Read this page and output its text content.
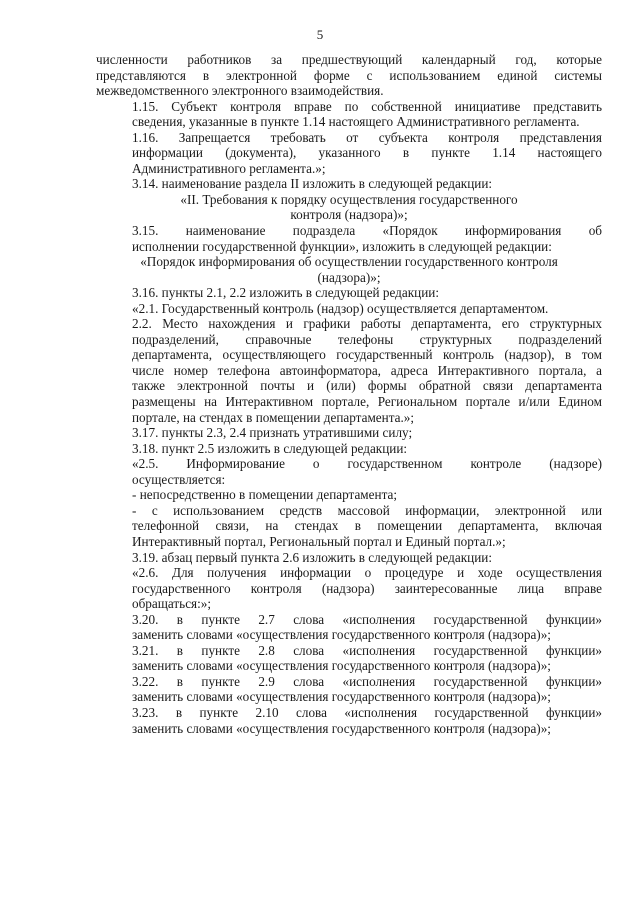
5

численности работников за предшествующий календарный год, которые
представляются в электронной форме с использованием единой системы
межведомственного электронного взаимодействия.

1.15. Субъект контроля вправе по собственной инициативе представить
сведения, указанные в пункте 1.14 настоящего Административного регламента.

1.16. Запрещается требовать от субъекта контроля представления
информации (документа), указанного в пункте 1.14 настоящего
Административного регламента.»;

3.14. наименование раздела II изложить в следующей редакции:

«II. Требования к порядку осуществления государственного
контроля (надзора)»;

3.15. наименование подраздела «Порядок информирования об
исполнении государственной функции», изложить в следующей редакции:

«Порядок информирования об осуществлении государственного контроля
(надзора)»;

3.16. пункты 2.1, 2.2 изложить в следующей редакции:

«2.1. Государственный контроль (надзор) осуществляется департаментом.

2.2. Место нахождения и графики работы департамента, его структурных
подразделений, справочные телефоны структурных подразделений
департамента, осуществляющего государственный контроль (надзор), в том
числе номер телефона автоинформатора, адреса Интерактивного портала, а
также электронной почты и (или) формы обратной связи департамента
размещены на Интерактивном портале, Региональном портале и/или Едином
портале, на стендах в помещении департамента.»;

3.17. пункты 2.3, 2.4 признать утратившими силу;

3.18. пункт 2.5 изложить в следующей редакции:

«2.5. Информирование о государственном контроле (надзоре)
осуществляется:

- непосредственно в помещении департамента;

- с использованием средств массовой информации, электронной или
телефонной связи, на стендах в помещении департамента, включая
Интерактивный портал, Региональный портал и Единый портал.»;

3.19. абзац первый пункта 2.6 изложить в следующей редакции:

«2.6. Для получения информации о процедуре и ходе осуществления
государственного контроля (надзора) заинтересованные лица вправе
обращаться:»;

3.20. в пункте 2.7 слова «исполнения государственной функции»
заменить словами «осуществления государственного контроля (надзора)»;

3.21. в пункте 2.8 слова «исполнения государственной функции»
заменить словами «осуществления государственного контроля (надзора)»;

3.22. в пункте 2.9 слова «исполнения государственной функции»
заменить словами «осуществления государственного контроля (надзора)»;

3.23. в пункте 2.10 слова «исполнения государственной функции»
заменить словами «осуществления государственного контроля (надзора)»;
